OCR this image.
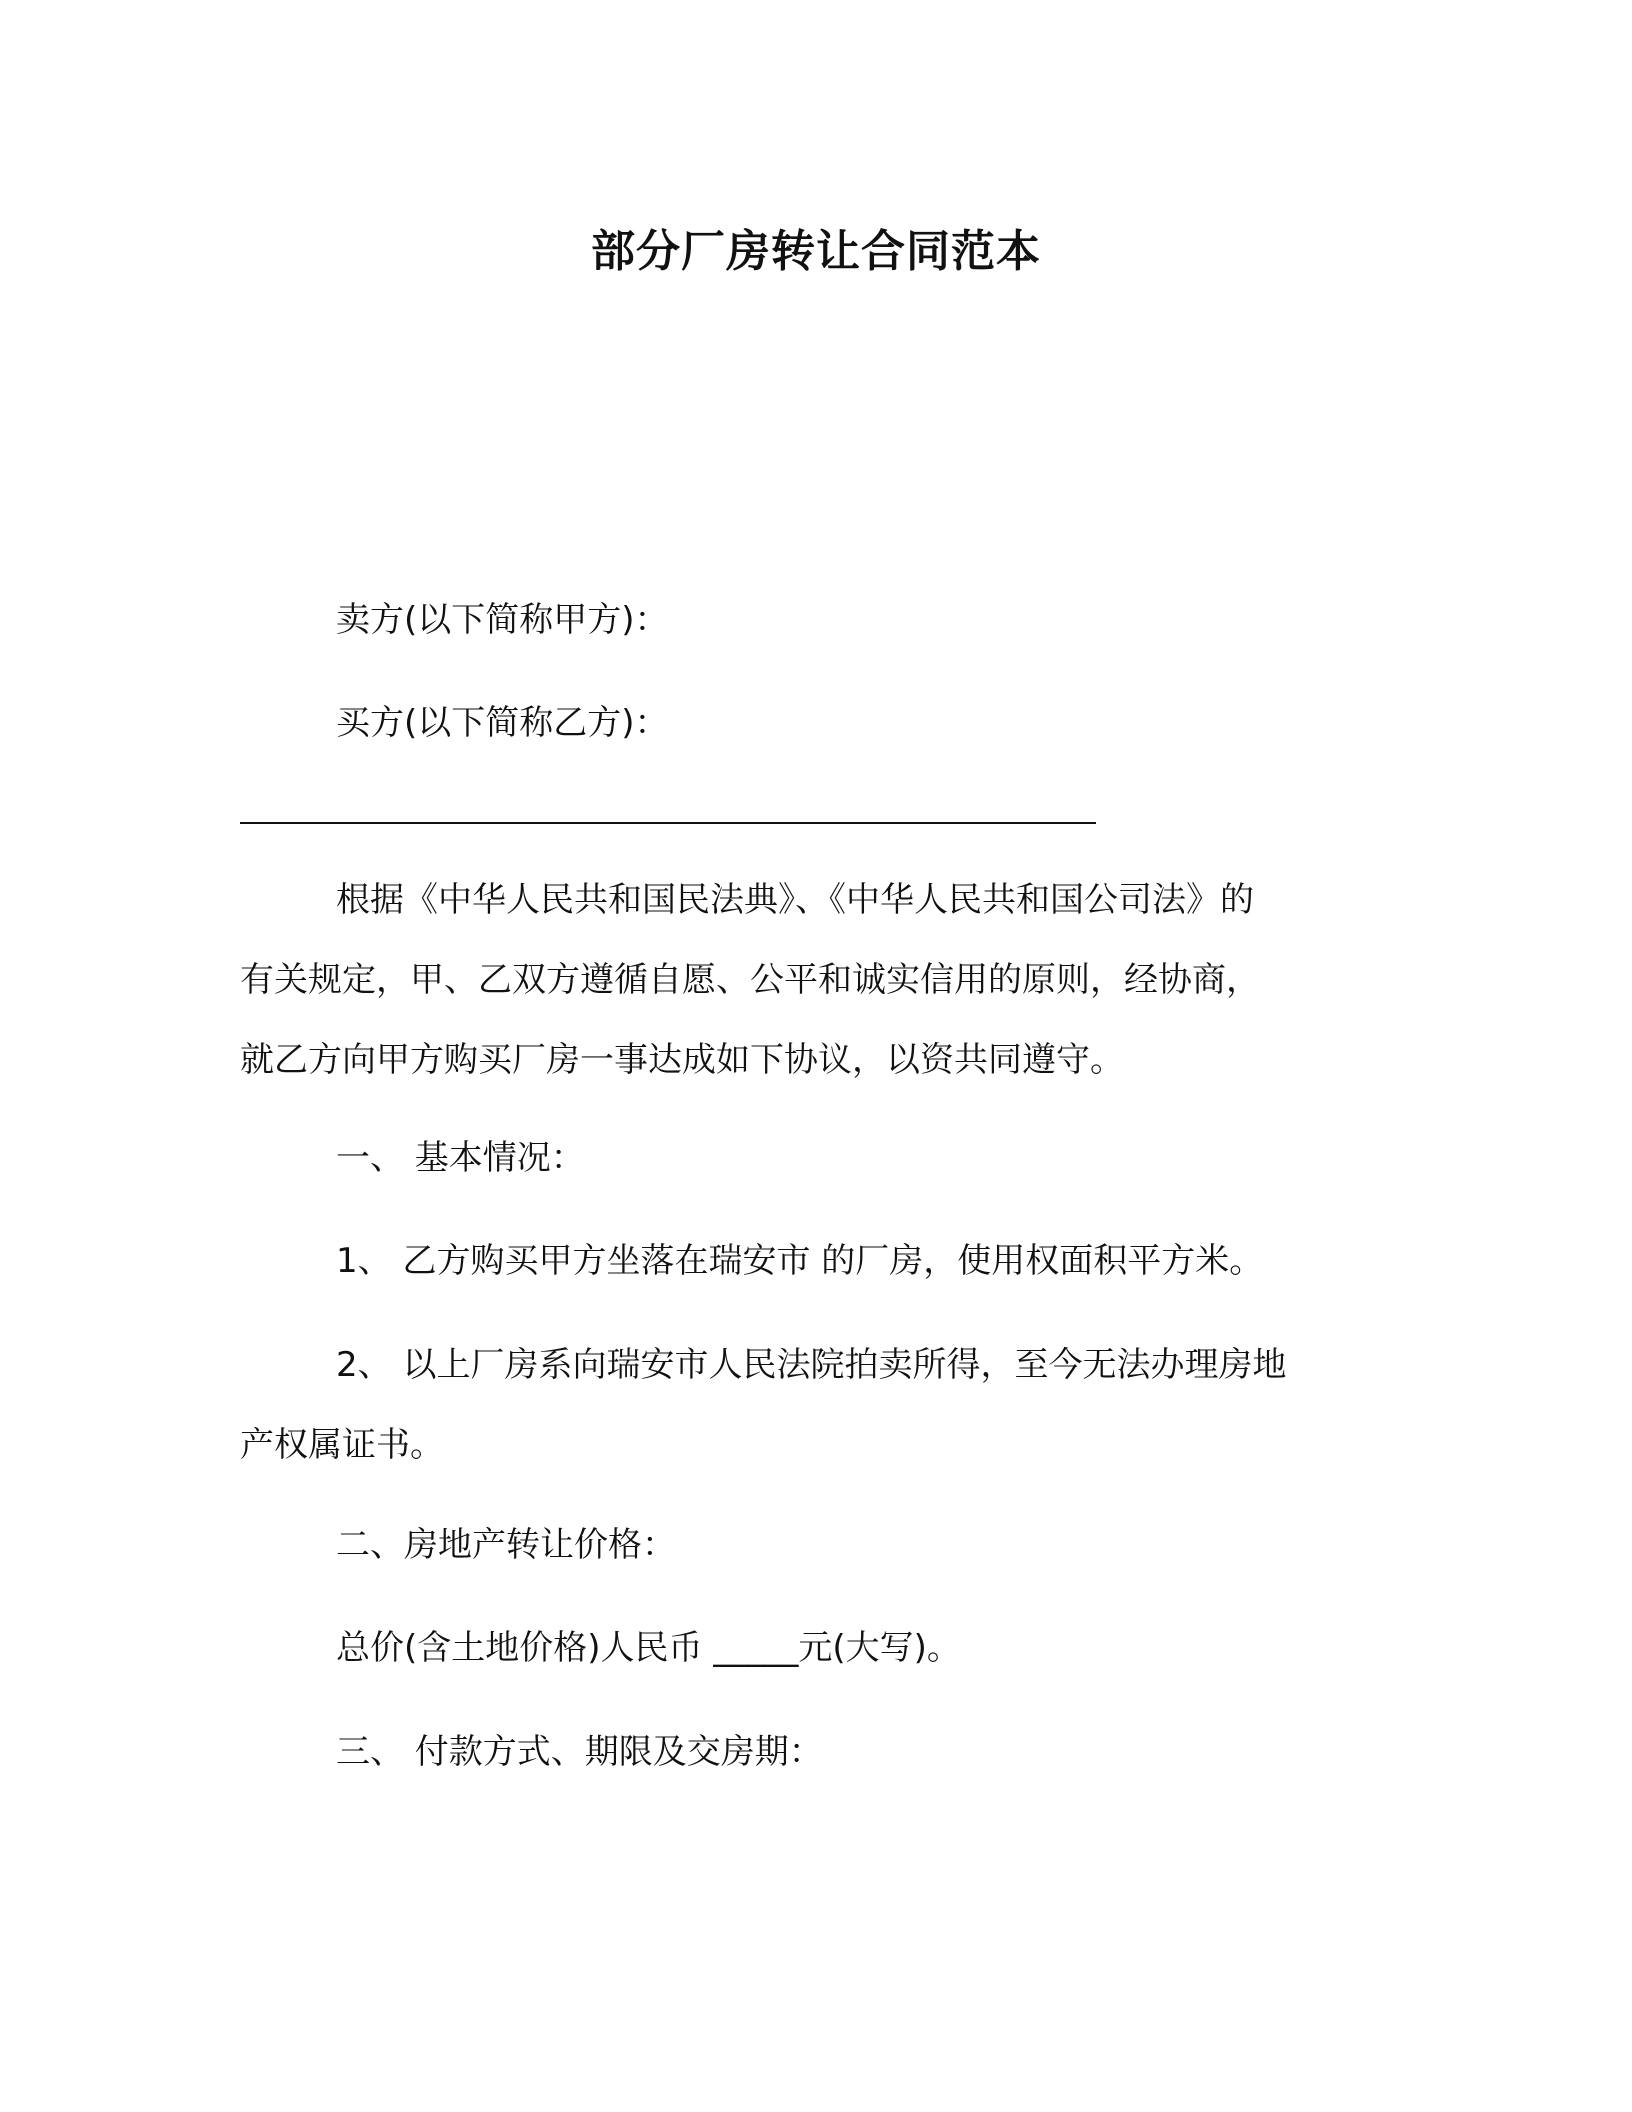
部分厂房转让合同范本
卖方(以下简称甲方)：
买方(以下简称乙方)：
根据《中华人民共和国民法典》、《中华人民共和国公司法》的
有关规定，甲、乙双方遵循自愿、公平和诚实信用的原则，经协商，
就乙方向甲方购买厂房一事达成如下协议，以资共同遵守。
一、 基本情况：
1、 乙方购买甲方坐落在瑞安市 的厂房，使用权面积平方米。
2、 以上厂房系向瑞安市人民法院拍卖所得，至今无法办理房地
产权属证书。
二、房地产转让价格：
总价(含土地价格)人民币 _____元(大写)。
三、 付款方式、期限及交房期：
